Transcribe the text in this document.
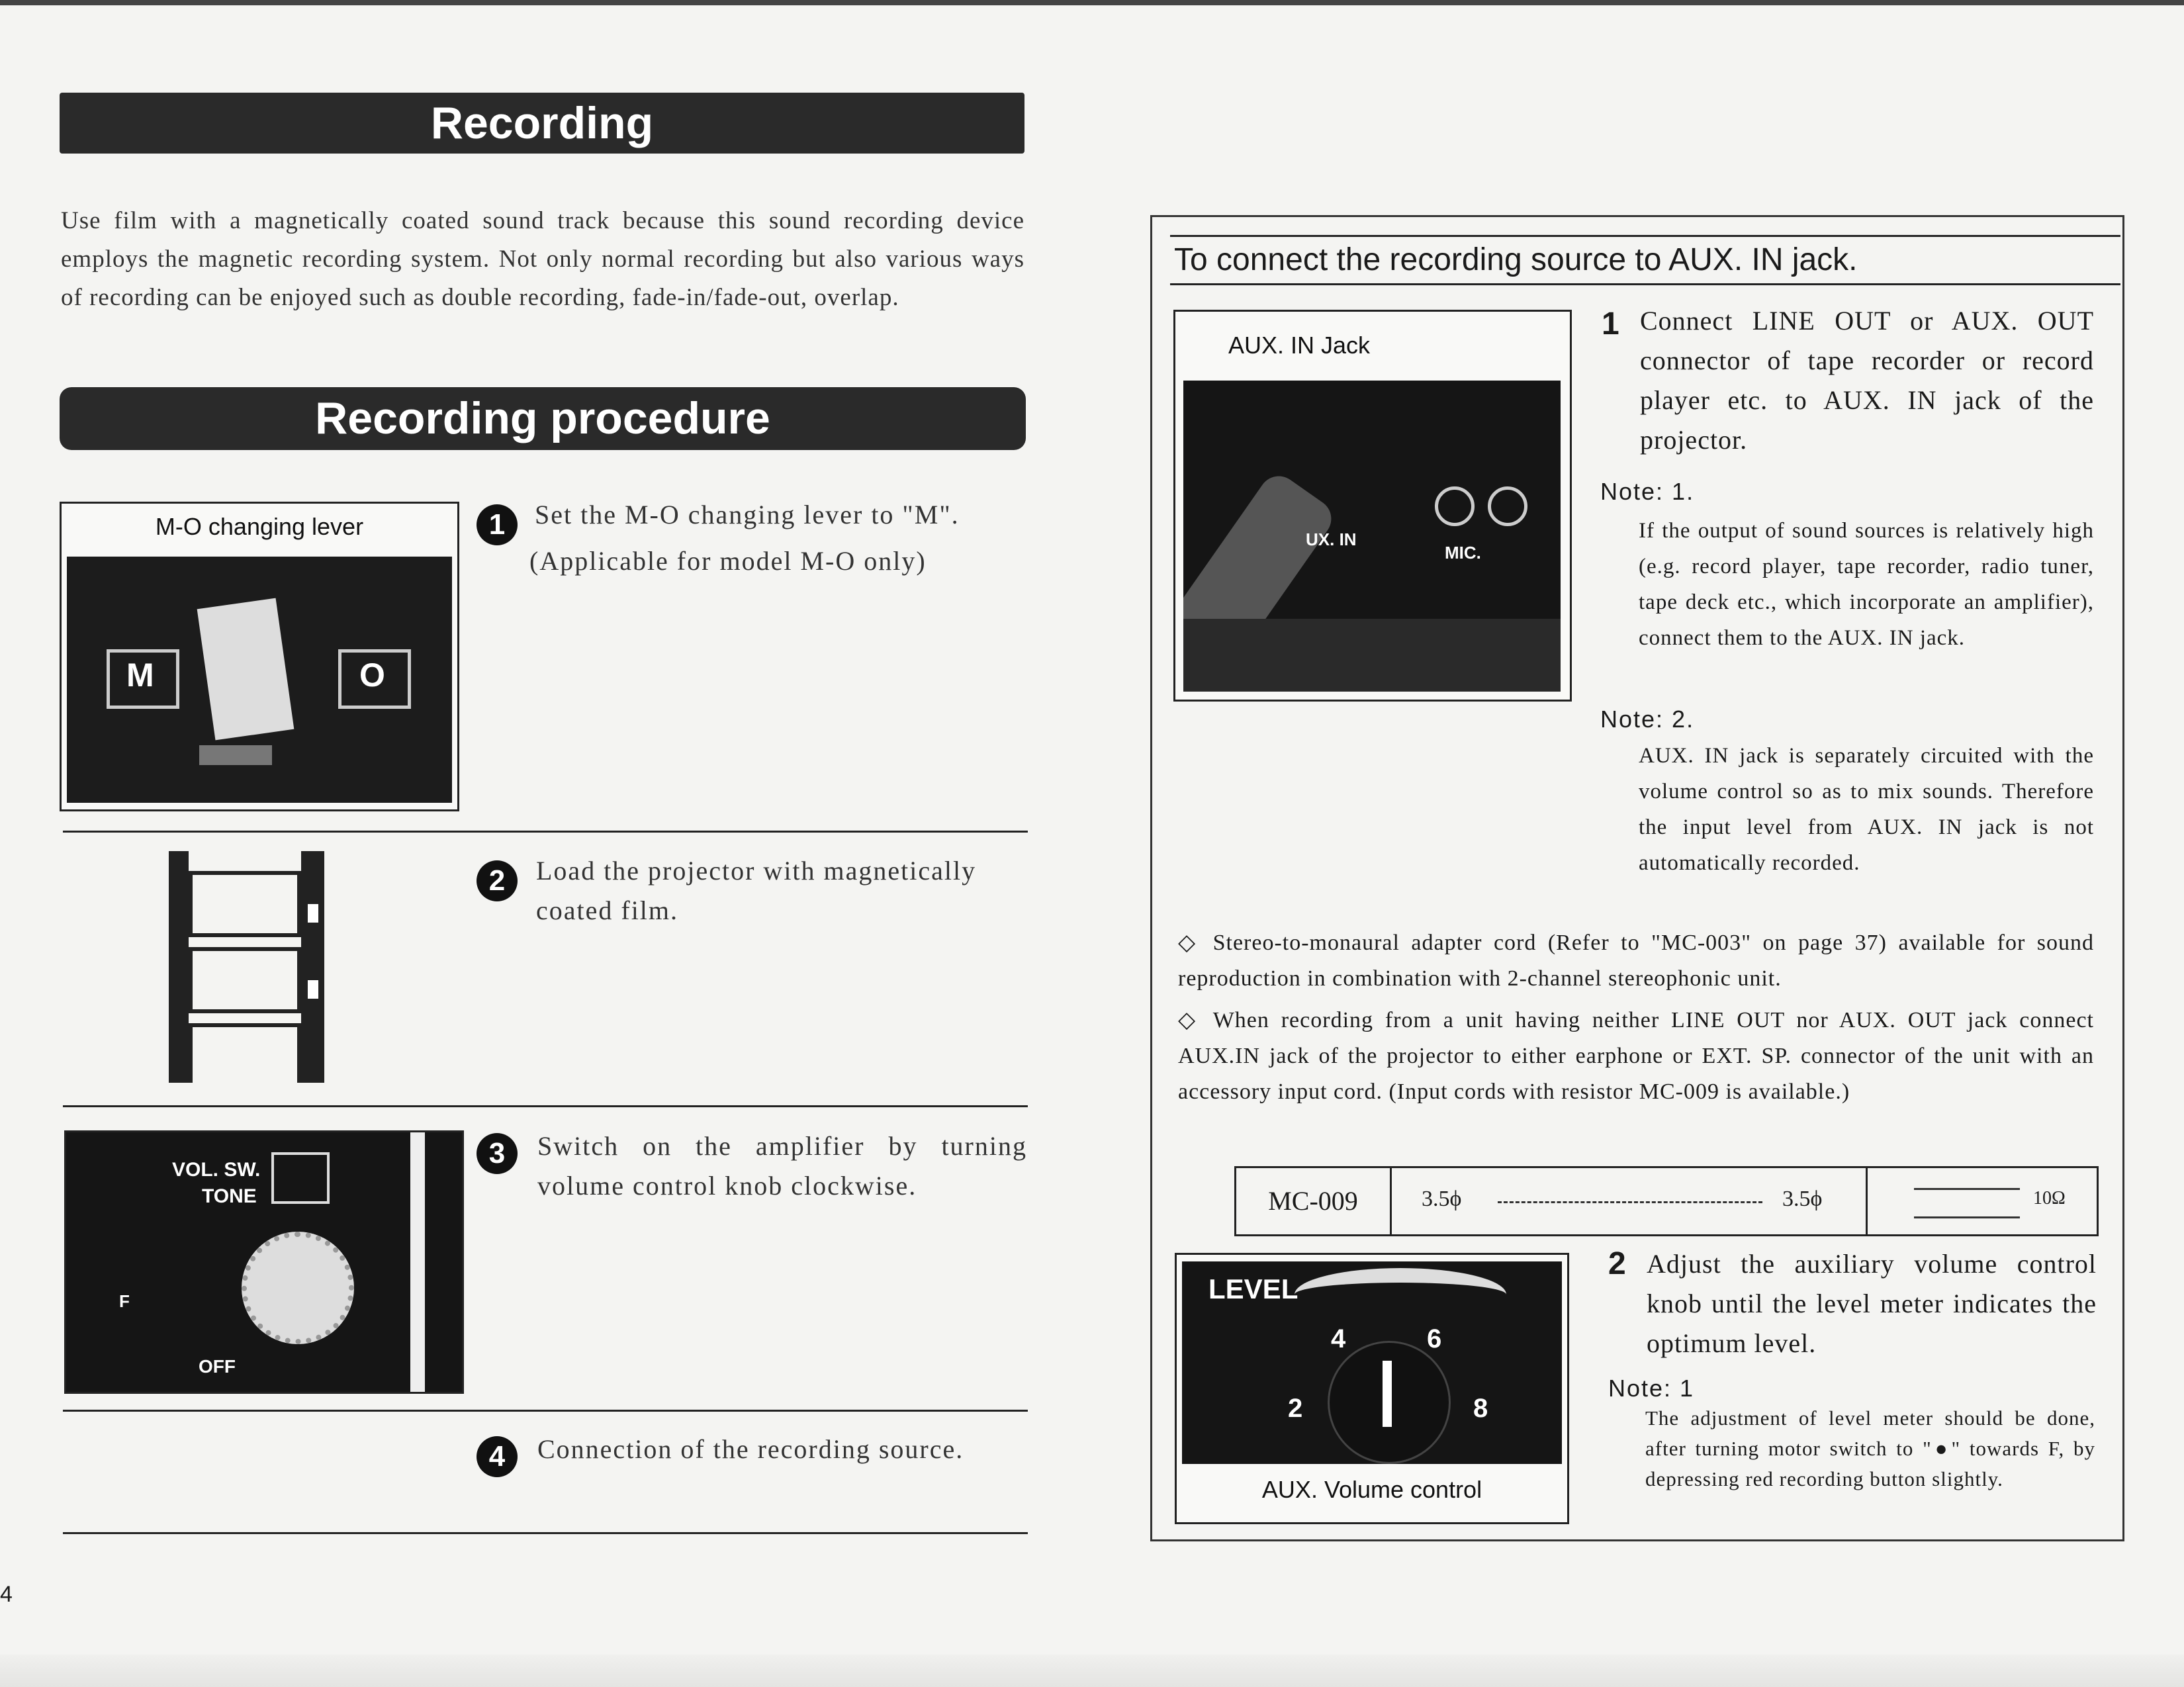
Recording
Use film with a magnetically coated sound track because this sound recording device employs the magnetic recording system. Not only normal recording but also various ways of recording can be enjoyed such as double recording, fade-in/fade-out, overlap.
Recording procedure
M-O changing lever
M	O
1	Set the M-O changing lever to "M".
(Applicable for model M-O only)
2	Load the projector with magnetically coated film.
VOL. SW.
TONE
OFF
F
3	Switch on the amplifier by turning volume control knob clockwise.
4	Connection of the recording source.
4
To connect the recording source to AUX. IN jack.
AUX. IN Jack
UX. IN
MIC.
1 Connect LINE OUT or AUX. OUT connector of tape recorder or record player etc. to AUX. IN jack of the projector.
Note: 1.
If the output of sound sources is relatively high (e.g. record player, tape recorder, radio tuner, tape deck etc., which incorporate an amplifier), connect them to the AUX. IN jack.
Note: 2.
AUX. IN jack is separately circuited with the volume control so as to mix sounds. Therefore the input level from AUX. IN jack is not automatically recorded.
◇ Stereo-to-monaural adapter cord (Refer to "MC-003" on page 37) available for sound reproduction in combination with 2-channel stereophonic unit.
◇ When recording from a unit having neither LINE OUT nor AUX. OUT jack connect AUX.IN jack of the projector to either earphone or EXT. SP. connector of the unit with an accessory input cord. (Input cords with resistor MC-009 is available.)
MC-009	3.5ϕ	3.5ϕ	10Ω
LEVEL
2
4	6
8
AUX. Volume control
2 Adjust the auxiliary volume control knob until the level meter indicates the optimum level.
Note: 1
The adjustment of level meter should be done, after turning motor switch to "●" towards F, by depressing red recording button slightly.
